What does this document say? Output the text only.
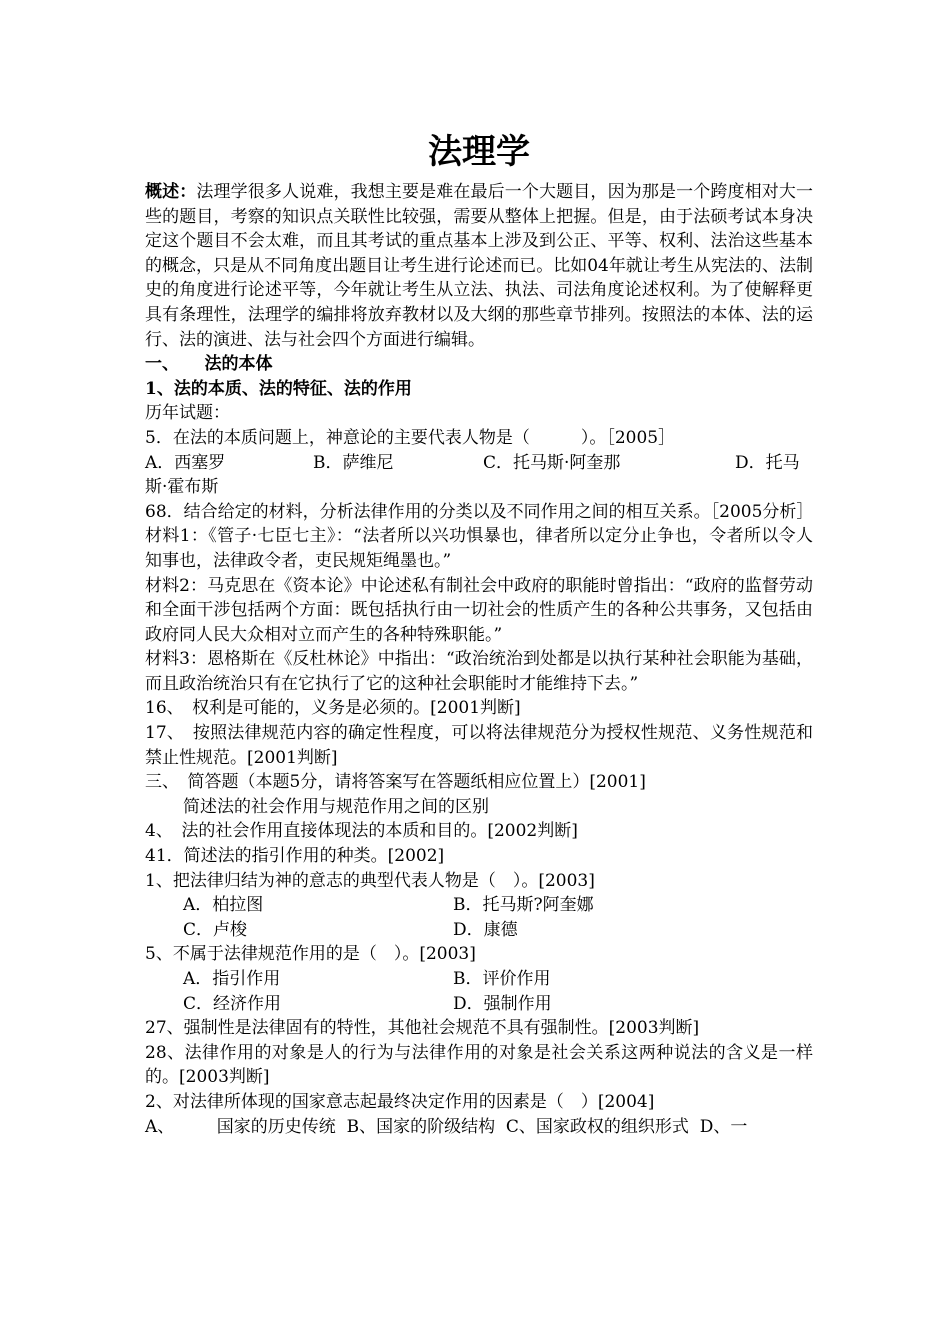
法理学

概述：法理学很多人说难，我想主要是难在最后一个大题目，因为那是一个跨度相对大一些的题目，考察的知识点关联性比较强，需要从整体上把握。但是，由于法硕考试本身决定这个题目不会太难，而且其考试的重点基本上涉及到公正、平等、权利、法治这些基本的概念，只是从不同角度出题目让考生进行论述而已。比如04年就让考生从宪法的、法制史的角度进行论述平等，今年就让考生从立法、执法、司法角度论述权利。为了使解释更具有条理性，法理学的编排将放弃教材以及大纲的那些章节排列。按照法的本体、法的运行、法的演进、法与社会四个方面进行编辑。

一、　　法的本体

1、法的本质、法的特征、法的作用

历年试题：

5．在法的本质问题上，神意论的主要代表人物是（　　　）。［2005］

A．西塞罗	B．萨维尼	C．托马斯·阿奎那	D．托马

斯·霍布斯

68．结合给定的材料，分析法律作用的分类以及不同作用之间的相互关系。［2005分析］

材料1：《管子·七臣七主》：“法者所以兴功惧暴也，律者所以定分止争也，令者所以令人知事也，法律政令者，吏民规矩绳墨也。”

材料2：马克思在《资本论》中论述私有制社会中政府的职能时曾指出：“政府的监督劳动和全面干涉包括两个方面：既包括执行由一切社会的性质产生的各种公共事务，又包括由政府同人民大众相对立而产生的各种特殊职能。”

材料3：恩格斯在《反杜林论》中指出：“政治统治到处都是以执行某种社会职能为基础，而且政治统治只有在它执行了它的这种社会职能时才能维持下去。”

16、　权利是可能的，义务是必须的。[2001判断]

17、　按照法律规范内容的确定性程度，可以将法律规范分为授权性规范、义务性规范和禁止性规范。[2001判断]

三、　简答题（本题5分，请将答案写在答题纸相应位置上）[2001]

简述法的社会作用与规范作用之间的区别

4、　法的社会作用直接体现法的本质和目的。[2002判断]

41．简述法的指引作用的种类。[2002]

1、把法律归结为神的意志的典型代表人物是（　）。[2003]

A．柏拉图	B．托马斯?阿奎娜
C．卢梭	D．康德

5、不属于法律规范作用的是（　）。[2003]

A．指引作用	B．评价作用
C．经济作用	D．强制作用

27、强制性是法律固有的特性，其他社会规范不具有强制性。[2003判断]

28、法律作用的对象是人的行为与法律作用的对象是社会关系这两种说法的含义是一样的。[2003判断]

2、对法律所体现的国家意志起最终决定作用的因素是（　）[2004]

A、　　　国家的历史传统  B、国家的阶级结构  C、国家政权的组织形式  D、一
